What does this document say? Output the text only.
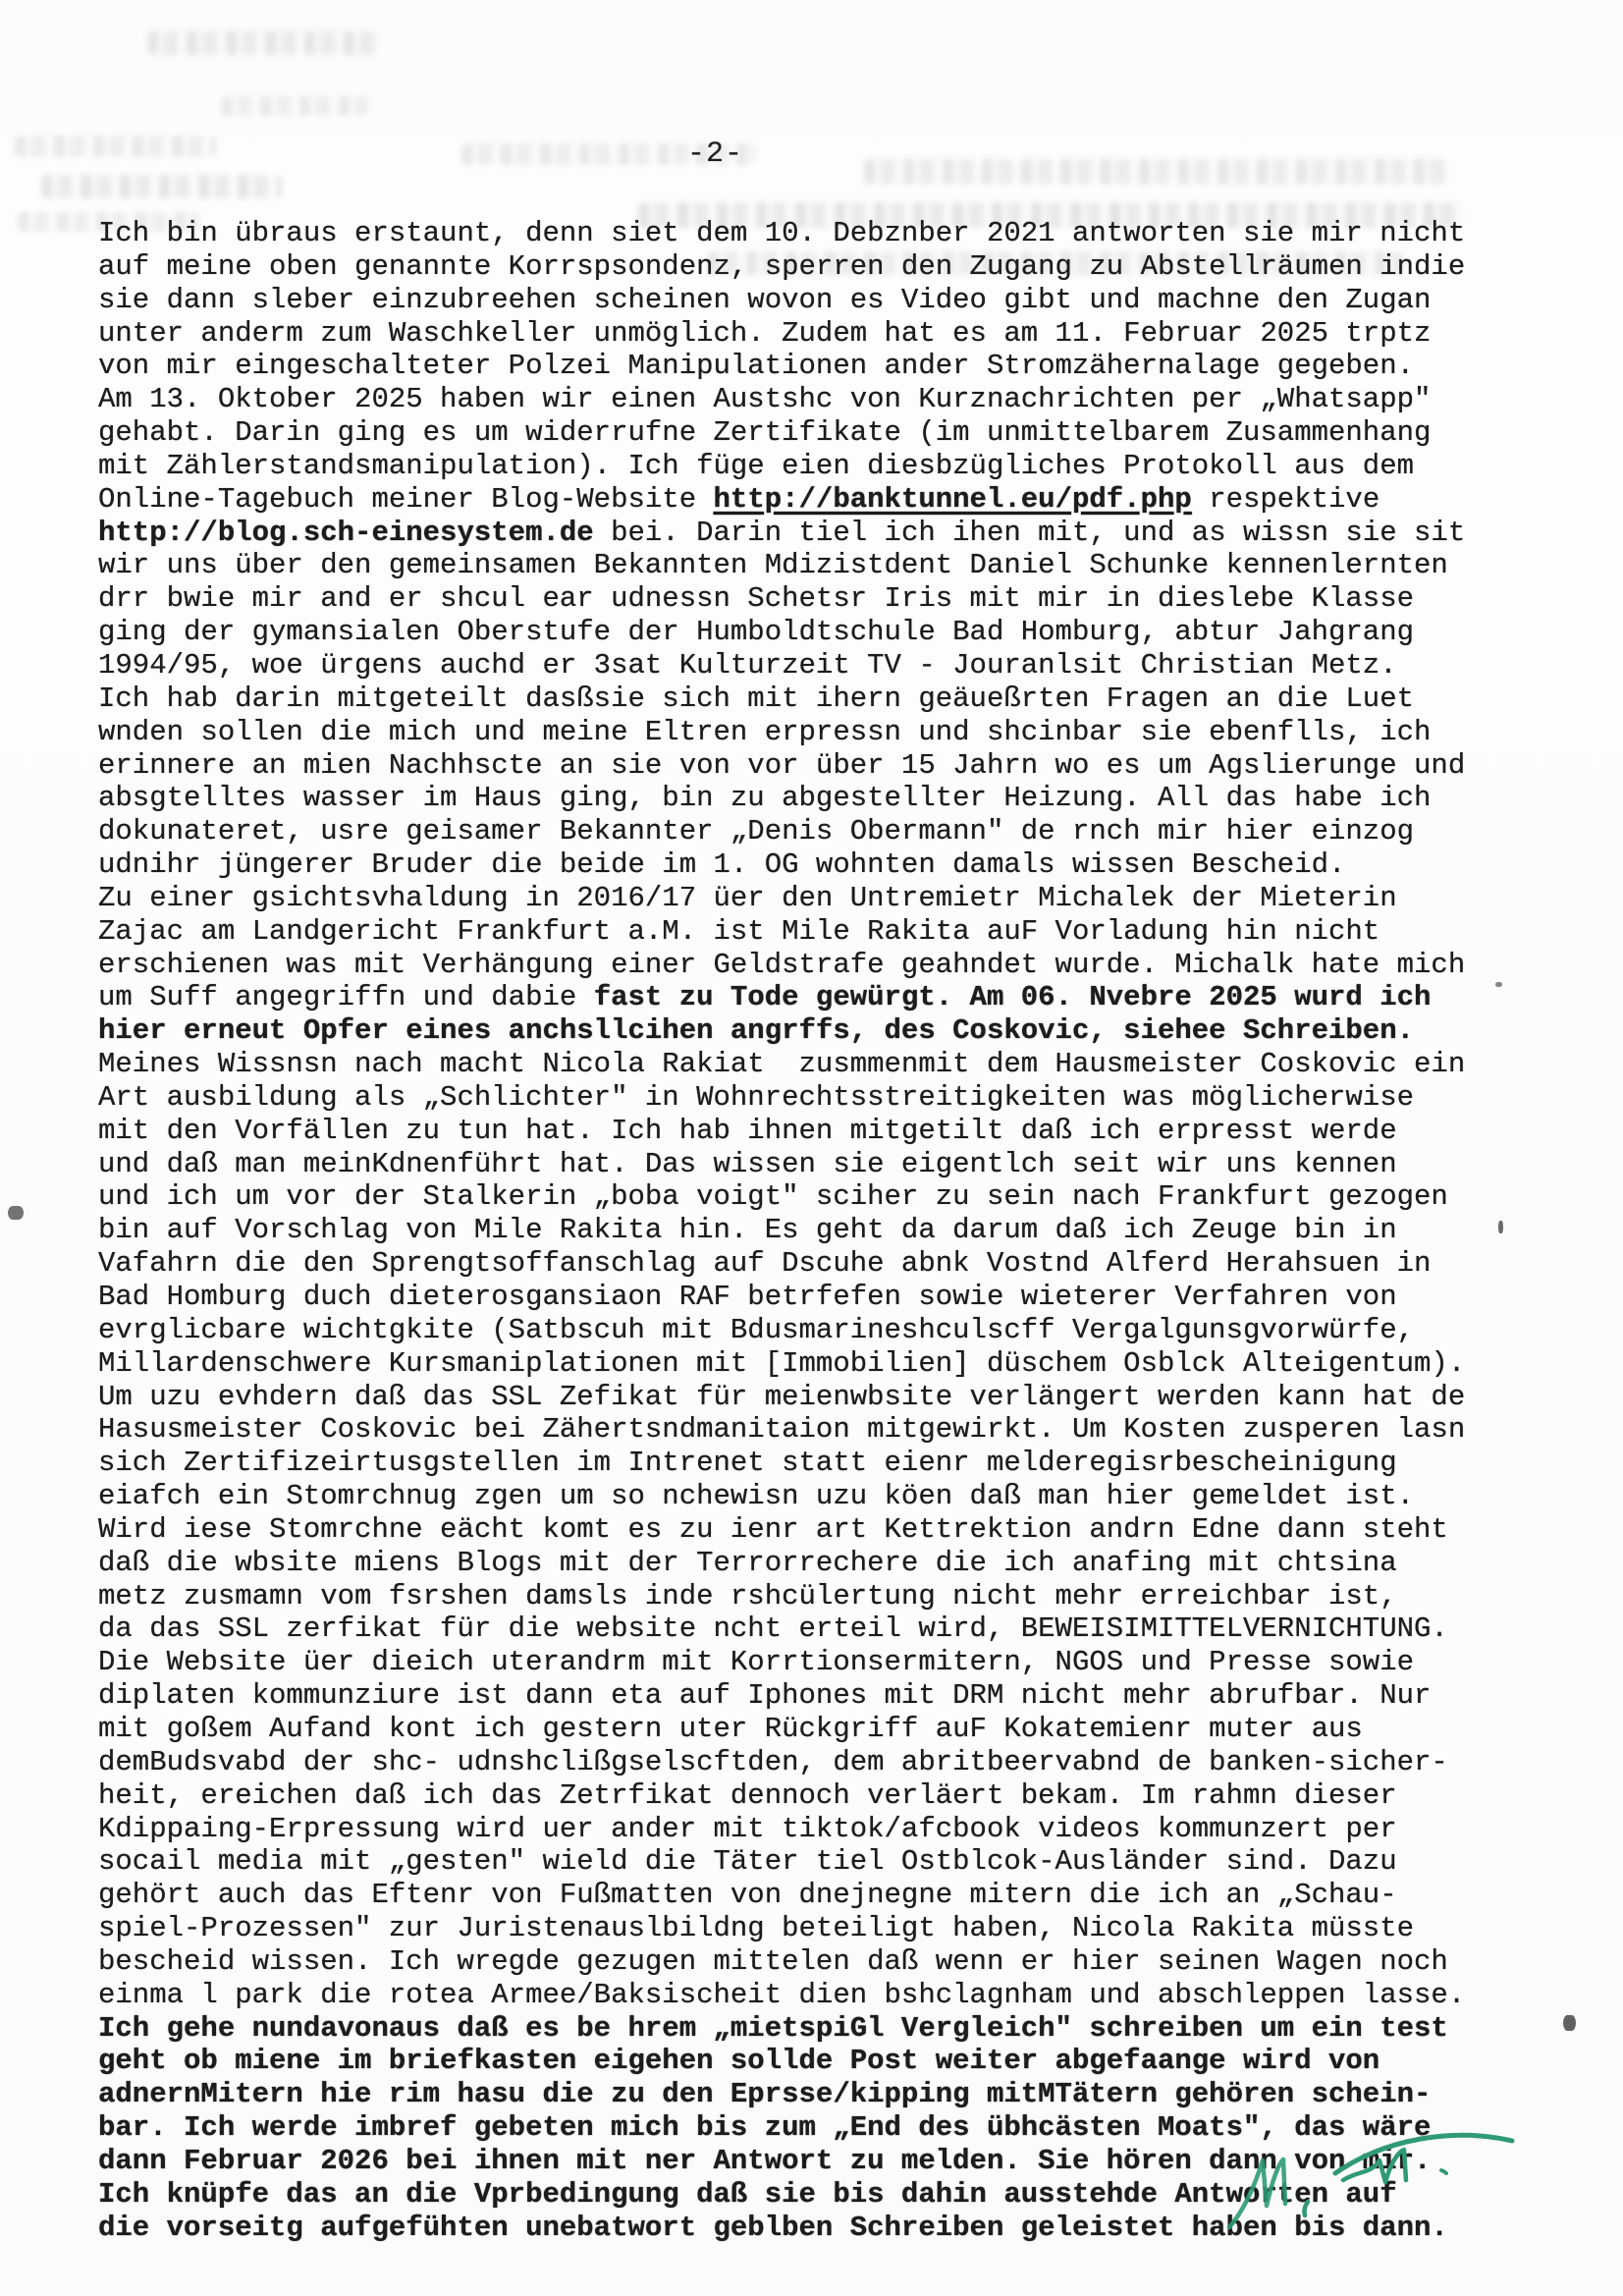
-2-
Ich bin übraus erstaunt, denn siet dem 10. Debznber 2021 antworten sie mir nicht
auf meine oben genannte Korrspsondenz, sperren den Zugang zu Abstellräumen indie
sie dann sleber einzubreehen scheinen wovon es Video gibt und machne den Zugan
unter anderm zum Waschkeller unmöglich. Zudem hat es am 11. Februar 2025 trptz
von mir eingeschalteter Polzei Manipulationen ander Stromzähernalage gegeben.
Am 13. Oktober 2025 haben wir einen Austshc von Kurznachrichten per „Whatsapp"
gehabt. Darin ging es um widerrufne Zertifikate (im unmittelbarem Zusammenhang
mit Zählerstandsmanipulation). Ich füge eien diesbzügliches Protokoll aus dem
Online-Tagebuch meiner Blog-Website http://banktunnel.eu/pdf.php respektive
http://blog.sch-einesystem.de bei. Darin tiel ich ihen mit, und as wissn sie sit
wir uns über den gemeinsamen Bekannten Mdizistdent Daniel Schunke kennenlernten
drr bwie mir and er shcul ear udnessn Schetsr Iris mit mir in dieslebe Klasse
ging der gymansialen Oberstufe der Humboldtschule Bad Homburg, abtur Jahgrang
1994/95, woe ürgens auchd er 3sat Kulturzeit TV - Jouranlsit Christian Metz.
Ich hab darin mitgeteilt dasßsie sich mit ihern geäueßrten Fragen an die Luet
wnden sollen die mich und meine Eltren erpressn und shcinbar sie ebenflls, ich
erinnere an mien Nachhscte an sie von vor über 15 Jahrn wo es um Agslierunge und
absgtelltes wasser im Haus ging, bin zu abgestellter Heizung. All das habe ich
dokunateret, usre geisamer Bekannter „Denis Obermann" de rnch mir hier einzog
udnihr jüngerer Bruder die beide im 1. OG wohnten damals wissen Bescheid.
Zu einer gsichtsvhaldung in 2016/17 üer den Untremietr Michalek der Mieterin
Zajac am Landgericht Frankfurt a.M. ist Mile Rakita auF Vorladung hin nicht
erschienen was mit Verhängung einer Geldstrafe geahndet wurde. Michalk hate mich
um Suff angegriffn und dabie fast zu Tode gewürgt. Am 06. Nvebre 2025 wurd ich
hier erneut Opfer eines anchsllcihen angrffs, des Coskovic, siehee Schreiben.
Meines Wissnsn nach macht Nicola Rakiat  zusmmenmit dem Hausmeister Coskovic ein
Art ausbildung als „Schlichter" in Wohnrechtsstreitigkeiten was möglicherwise
mit den Vorfällen zu tun hat. Ich hab ihnen mitgetilt daß ich erpresst werde
und daß man meinKdnenführt hat. Das wissen sie eigentlch seit wir uns kennen
und ich um vor der Stalkerin „boba voigt" sciher zu sein nach Frankfurt gezogen
bin auf Vorschlag von Mile Rakita hin. Es geht da darum daß ich Zeuge bin in
Vafahrn die den Sprengtsoffanschlag auf Dscuhe abnk Vostnd Alferd Herahsuen in
Bad Homburg duch dieterosgansiaon RAF betrfefen sowie wieterer Verfahren von
evrglicbare wichtgkite (Satbscuh mit Bdusmarineshculscff Vergalgunsgvorwürfe,
Millardenschwere Kursmaniplationen mit [Immobilien] düschem Osblck Alteigentum).
Um uzu evhdern daß das SSL Zefikat für meienwbsite verlängert werden kann hat de
Hasusmeister Coskovic bei Zähertsndmanitaion mitgewirkt. Um Kosten zusperen lasn
sich Zertifizeirtusgstellen im Intrenet statt eienr melderegisrbescheinigung
eiafch ein Stomrchnug zgen um so nchewisn uzu köen daß man hier gemeldet ist.
Wird iese Stomrchne eächt komt es zu ienr art Kettrektion andrn Edne dann steht
daß die wbsite miens Blogs mit der Terrorrechere die ich anafing mit chtsina
metz zusmamn vom fsrshen damsls inde rshcülertung nicht mehr erreichbar ist,
da das SSL zerfikat für die website ncht erteil wird, BEWEISIMITTELVERNICHTUNG.
Die Website üer dieich uterandrm mit Korrtionsermitern, NGOS und Presse sowie
diplaten kommunziure ist dann eta auf Iphones mit DRM nicht mehr abrufbar. Nur
mit goßem Aufand kont ich gestern uter Rückgriff auF Kokatemienr muter aus
demBudsvabd der shc- udnshclißgselscftden, dem abritbeervabnd de banken-sicher-
heit, ereichen daß ich das Zetrfikat dennoch verläert bekam. Im rahmn dieser
Kdippaing-Erpressung wird uer ander mit tiktok/afcbook videos kommunzert per
socail media mit „gesten" wield die Täter tiel Ostblcok-Ausländer sind. Dazu
gehört auch das Eftenr von Fußmatten von dnejnegne mitern die ich an „Schau-
spiel-Prozessen" zur Juristenauslbildng beteiligt haben, Nicola Rakita müsste
bescheid wissen. Ich wregde gezugen mittelen daß wenn er hier seinen Wagen noch
einma l park die rotea Armee/Baksischeit dien bshclagnham und abschleppen lasse.
Ich gehe nundavonaus daß es be hrem „mietspiGl Vergleich" schreiben um ein test
geht ob miene im briefkasten eigehen sollde Post weiter abgefaange wird von
adnernMitern hie rim hasu die zu den Eprsse/kipping mitMTätern gehören schein-
bar. Ich werde imbref gebeten mich bis zum „End des übhcästen Moats", das wäre
dann Februar 2026 bei ihnen mit ner Antwort zu melden. Sie hören dann von mir.
Ich knüpfe das an die Vprbedingung daß sie bis dahin ausstehde Antworten auf
die vorseitg aufgefühten unebatwort geblben Schreiben geleistet haben bis dann.
